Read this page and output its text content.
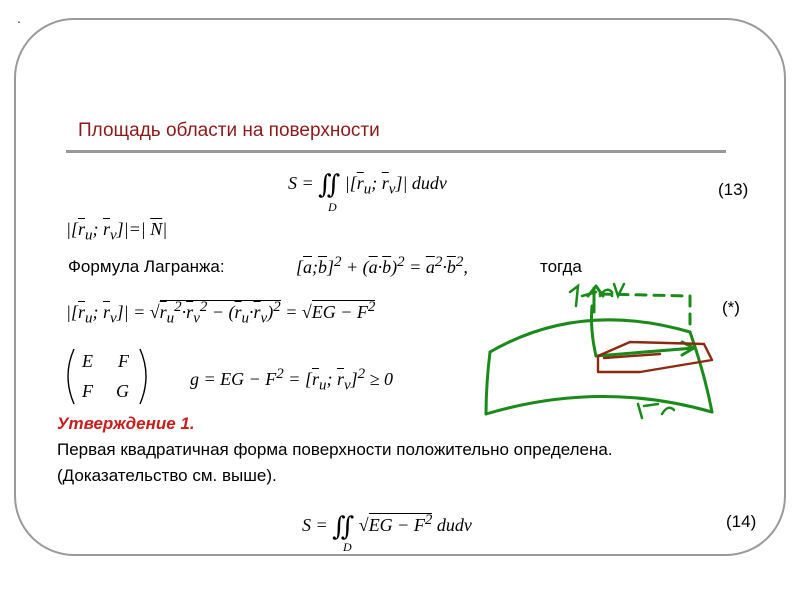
.
Площадь области на поверхности
S = ∬ $|[\overline{r}_u$; $\overline{r}_v]|$ dudv
D
(13)
$|[\overline{r}_u$; $\overline{r}_v]|=|$ $\overline{N}|$
Формула Лагранжа:	$[\overline{a};\overline{b}]^2 + (\overline{a}\cdot\overline{b})^2 = \overline{a}^2\cdot\overline{b}^2$,	тогда
$|[\overline{r}_u$; $\overline{r}_v]| = √r_u^2\cdot\overline{r}_v^2 - (\overline{r}_u\cdot\overline{r}_v)^2 = √EG - F^2$	(*)
E F
F G
g = EG − $F^2 = [\overline{r}_u$; $\overline{r}_v]^2 \ge 0$
Утверждение 1.
Первая квадратичная форма поверхности положительно определена.
(Доказательство см. выше).
S = ∬ $√EG - F^2$ dudv
D
(14)
